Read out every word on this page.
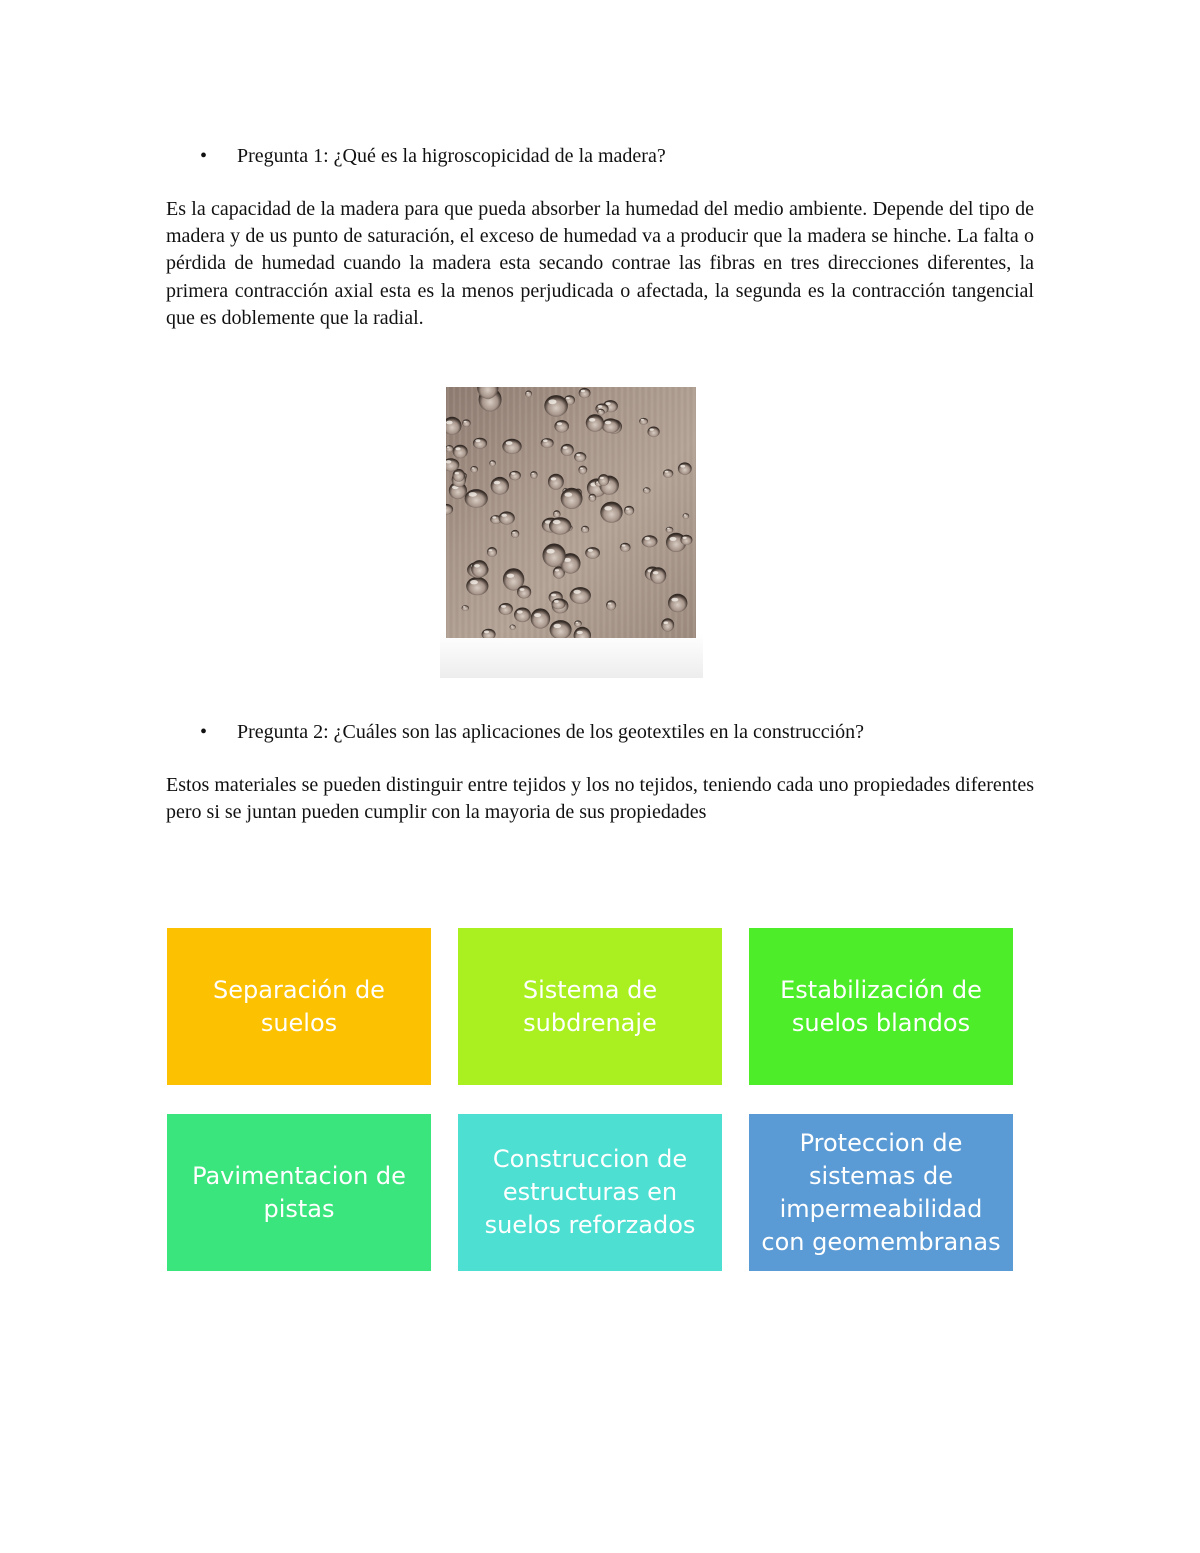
•	Pregunta 1: ¿Qué es la higroscopicidad de la madera?

Es la capacidad de la madera para que pueda absorber la humedad del medio ambiente. Depende del tipo de madera y de us punto de saturación, el exceso de humedad va a producir que la madera se hinche. La falta o pérdida de humedad cuando la madera esta secando contrae las fibras en tres direcciones diferentes, la primera contracción axial esta es la menos perjudicada o afectada, la segunda es la contracción tangencial que es doblemente que la radial.

•	Pregunta 2: ¿Cuáles son las aplicaciones de los geotextiles en la construcción?

Estos materiales se pueden distinguir entre tejidos y los no tejidos, teniendo cada uno propiedades diferentes pero si se juntan pueden cumplir con la mayoria de sus propiedades

Separación de suelos
Sistema de subdrenaje
Estabilización de suelos blandos
Pavimentacion de pistas
Construccion de estructuras en suelos reforzados
Proteccion de sistemas de impermeabilidad con geomembranas
